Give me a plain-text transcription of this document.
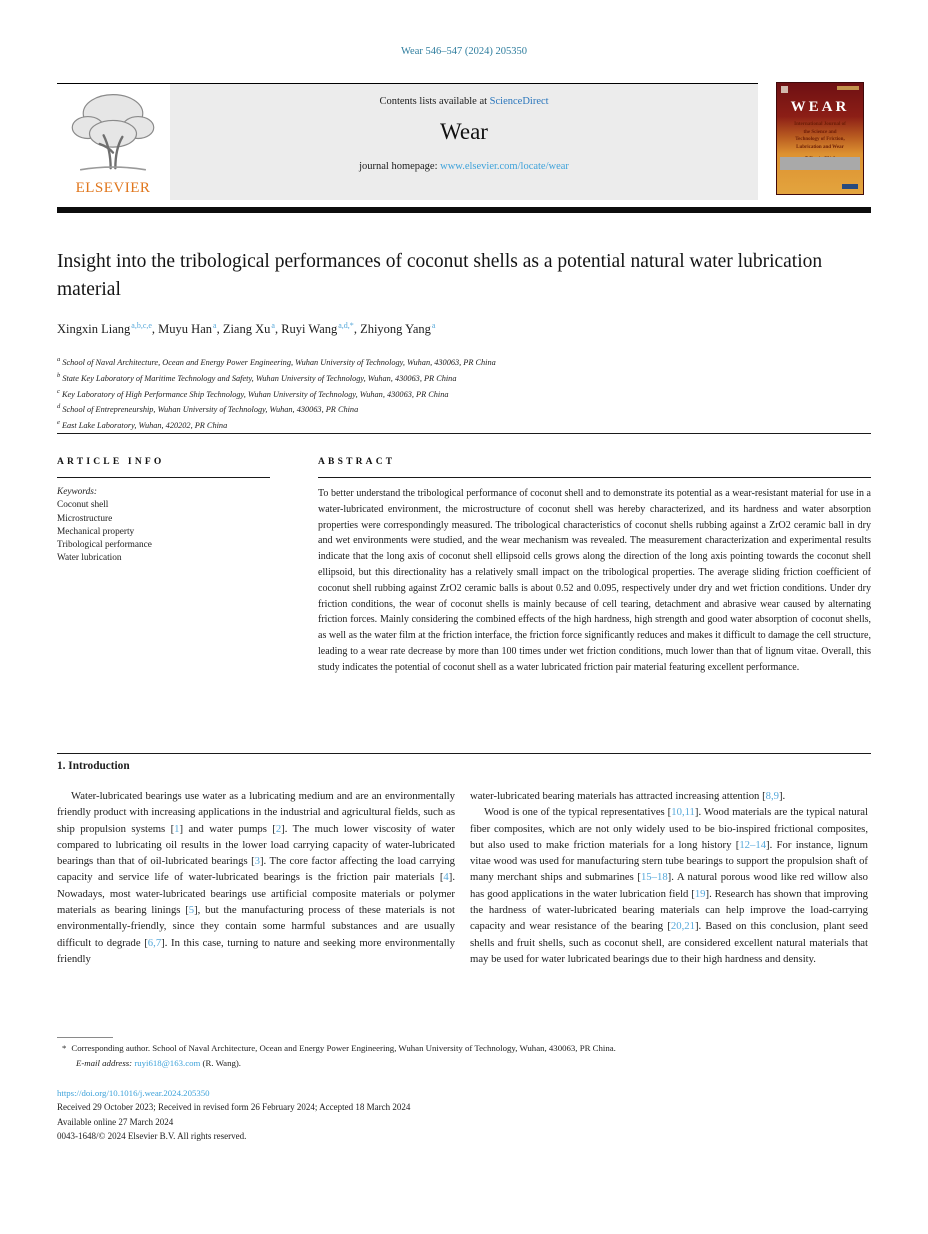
Wear 546–547 (2024) 205350
ELSEVIER
Contents lists available at ScienceDirect
Wear
journal homepage: www.elsevier.com/locate/wear
WEAR
International Journal of the Science and Technology of Friction, Lubrication and Wear
Insight into the tribological performances of coconut shells as a potential natural water lubrication material
Xingxin Liang$^{a,b,c,e}$, Muyu Han$^a$, Ziang Xu$^a$, Ruyi Wang$^{a,d,*}$, Zhiyong Yang$^a$
$^a$ School of Naval Architecture, Ocean and Energy Power Engineering, Wuhan University of Technology, Wuhan, 430063, PR China
$^b$ State Key Laboratory of Maritime Technology and Safety, Wuhan University of Technology, Wuhan, 430063, PR China
$^c$ Key Laboratory of High Performance Ship Technology, Wuhan University of Technology, Wuhan, 430063, PR China
$^d$ School of Entrepreneurship, Wuhan University of Technology, Wuhan, 430063, PR China
$^e$ East Lake Laboratory, Wuhan, 420202, PR China
ARTICLE INFO
Keywords:
Coconut shell
Microstructure
Mechanical property
Tribological performance
Water lubrication
ABSTRACT

To better understand the tribological performance of coconut shell and to demonstrate its potential as a wear-resistant material for use in a water-lubricated environment, the microstructure of coconut shell was hereby characterized, and its hardness and water absorption properties were correspondingly measured. The tribological characteristics of coconut shells rubbing against a ZrO2 ceramic ball in dry and wet environments were studied, and the wear mechanism was revealed. The measurement characterization and experimental results indicate that the long axis of coconut shell ellipsoid cells grows along the direction of the long axis pointing towards the coconut shell ellipsoid, but this directionality has a relatively small impact on the tribological properties. The average sliding friction coefficient of coconut shell rubbing against ZrO2 ceramic balls is about 0.52 and 0.095, respectively under dry and wet friction conditions. Under dry friction conditions, the wear of coconut shells is mainly because of cell tearing, detachment and abrasive wear caused by alternating friction forces. Mainly considering the combined effects of the high hardness, high strength and good water absorption of coconut shells, as well as the water film at the friction interface, the friction force significantly reduces and makes it difficult to damage the cell structure, leading to a wear rate decrease by more than 100 times under wet friction conditions, much lower than that of lignum vitae. Overall, this study indicates the potential of coconut shell as a water lubricated friction pair material featuring excellent performance.

1. Introduction

Water-lubricated bearings use water as a lubricating medium and are an environmentally friendly product with increasing applications in the industrial and agricultural fields, such as ship propulsion systems [1] and water pumps [2]. The much lower viscosity of water compared to lubricating oil results in the lower load carrying capacity of water-lubricated bearings than that of oil-lubricated bearings [3]. The core factor affecting the load carrying capacity and service life of water-lubricated bearings is the friction pair materials [4]. Nowadays, most water-lubricated bearings use artificial composite materials or polymer materials as bearing linings [5], but the manufacturing process of these materials is not environmentally-friendly, since they contain some harmful substances and are usually difficult to degrade [6,7]. In this case, turning to nature and seeking more environmentally friendly

water-lubricated bearing materials has attracted increasing attention [8,9].

Wood is one of the typical representatives [10,11]. Wood materials are the typical natural fiber composites, which are not only widely used to be bio-inspired frictional composites, but also used to make friction materials for a long history [12–14]. For instance, lignum vitae wood was used for manufacturing stern tube bearings to support the propulsion shaft of many merchant ships and submarines [15–18]. A natural porous wood like red willow also has good applications in the water lubrication field [19]. Research has shown that improving the hardness of water-lubricated bearing materials can help improve the load-carrying capacity and wear resistance of the bearing [20,21]. Based on this conclusion, plant seed shells and fruit shells, such as coconut shell, are considered excellent natural materials that may be used for water lubricated bearings due to their high hardness and density.

* Corresponding author. School of Naval Architecture, Ocean and Energy Power Engineering, Wuhan University of Technology, Wuhan, 430063, PR China.
E-mail address: ruyi618@163.com (R. Wang).
https://doi.org/10.1016/j.wear.2024.205350
Received 29 October 2023; Received in revised form 26 February 2024; Accepted 18 March 2024
Available online 27 March 2024
0043-1648/© 2024 Elsevier B.V. All rights reserved.
